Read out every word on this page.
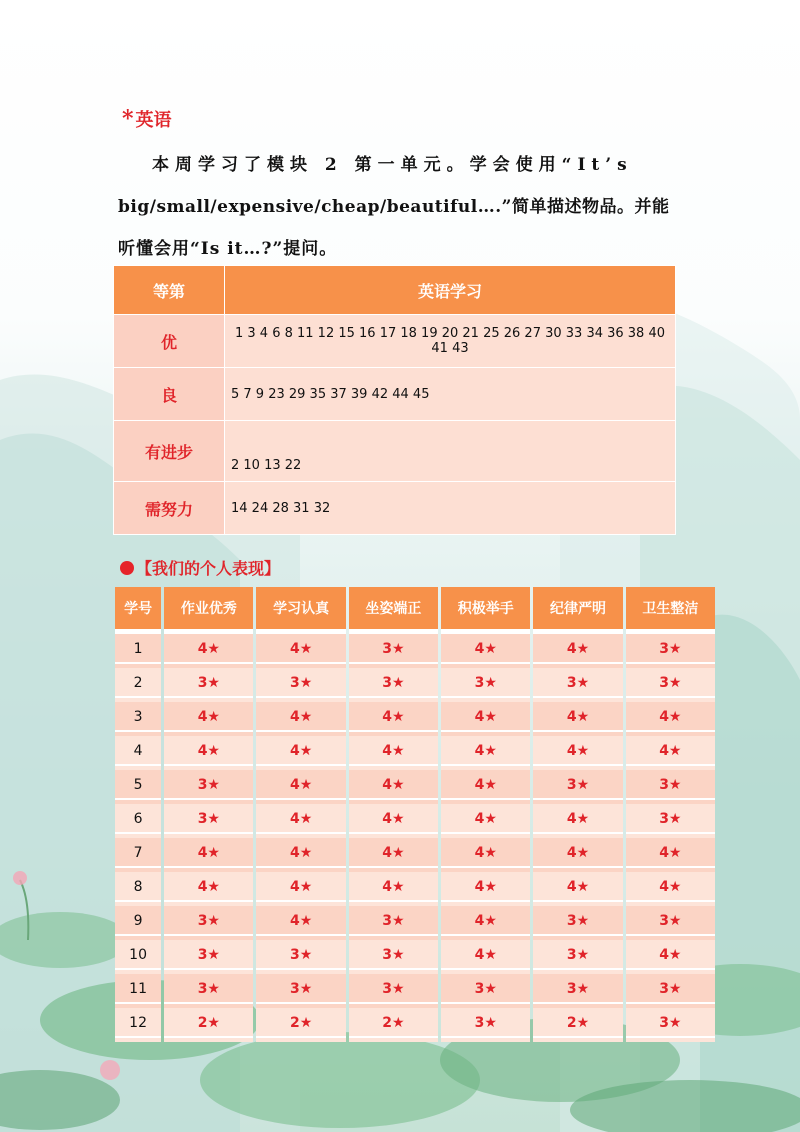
* 英语
本周学习了模块 2 第一单元。学会使用“It’s
big/small/expensive/cheap/beautiful….”简单描述物品。并能
听懂会用“Is it…?”提问。
等第	英语学习
优	1 3 4 6 8 11 12 15 16 17 18 19 20 21 25 26 27 30 33 34 36 38 40 41 43
良	5 7 9 23 29 35 37 39 42 44 45
有进步	2 10 13 22
需努力	14 24 28 31 32
【我们的个人表现】
学号	作业优秀	学习认真	坐姿端正	积极举手	纪律严明	卫生整洁
1	4★	4★	3★	4★	4★	3★
2	3★	3★	3★	3★	3★	3★
3	4★	4★	4★	4★	4★	4★
4	4★	4★	4★	4★	4★	4★
5	3★	4★	4★	4★	3★	3★
6	3★	4★	4★	4★	4★	3★
7	4★	4★	4★	4★	4★	4★
8	4★	4★	4★	4★	4★	4★
9	3★	4★	3★	4★	3★	3★
10	3★	3★	3★	4★	3★	4★
11	3★	3★	3★	3★	3★	3★
12	2★	2★	2★	3★	2★	3★
